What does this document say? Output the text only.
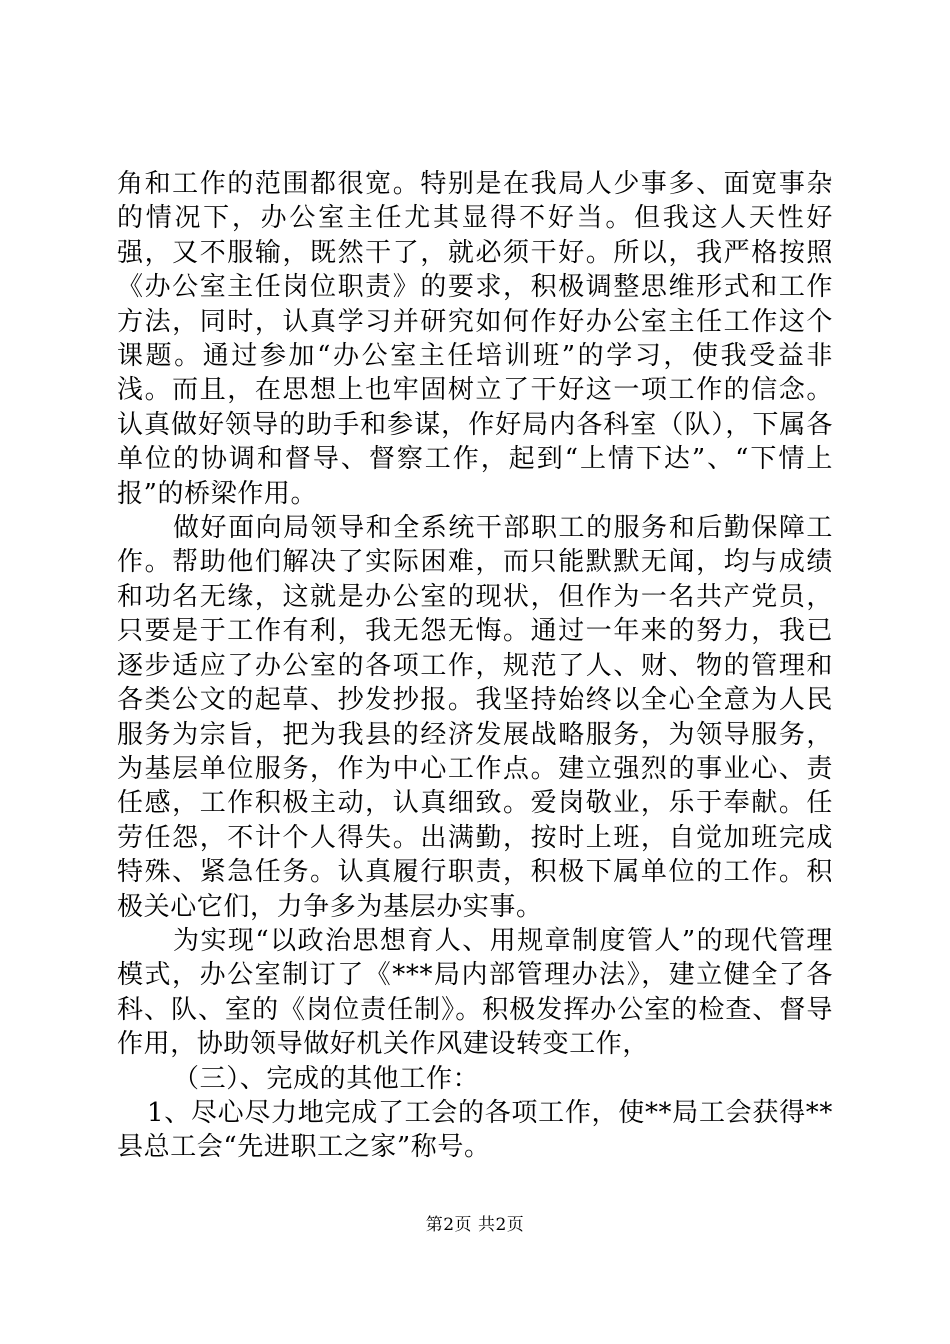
角和工作的范围都很宽。特别是在我局人少事多、面宽事杂的情况下，办公室主任尤其显得不好当。但我这人天性好强，又不服输，既然干了，就必须干好。所以，我严格按照《办公室主任岗位职责》的要求，积极调整思维形式和工作方法，同时，认真学习并研究如何作好办公室主任工作这个课题。通过参加“办公室主任培训班”的学习，使我受益非浅。而且，在思想上也牢固树立了干好这一项工作的信念。认真做好领导的助手和参谋，作好局内各科室（队），下属各单位的协调和督导、督察工作，起到“上情下达”、“下情上报”的桥梁作用。

做好面向局领导和全系统干部职工的服务和后勤保障工作。帮助他们解决了实际困难，而只能默默无闻，均与成绩和功名无缘，这就是办公室的现状，但作为一名共产党员，只要是于工作有利，我无怨无悔。通过一年来的努力，我已逐步适应了办公室的各项工作，规范了人、财、物的管理和各类公文的起草、抄发抄报。我坚持始终以全心全意为人民服务为宗旨，把为我县的经济发展战略服务，为领导服务，为基层单位服务，作为中心工作点。建立强烈的事业心、责任感，工作积极主动，认真细致。爱岗敬业，乐于奉献。任劳任怨，不计个人得失。出满勤，按时上班，自觉加班完成特殊、紧急任务。认真履行职责，积极下属单位的工作。积极关心它们，力争多为基层办实事。

为实现“以政治思想育人、用规章制度管人”的现代管理模式，办公室制订了《***局内部管理办法》，建立健全了各科、队、室的《岗位责任制》。积极发挥办公室的检查、督导作用，协助领导做好机关作风建设转变工作，

（三）、完成的其他工作：

1、尽心尽力地完成了工会的各项工作，使**局工会获得**县总工会“先进职工之家”称号。

第2页 共2页
